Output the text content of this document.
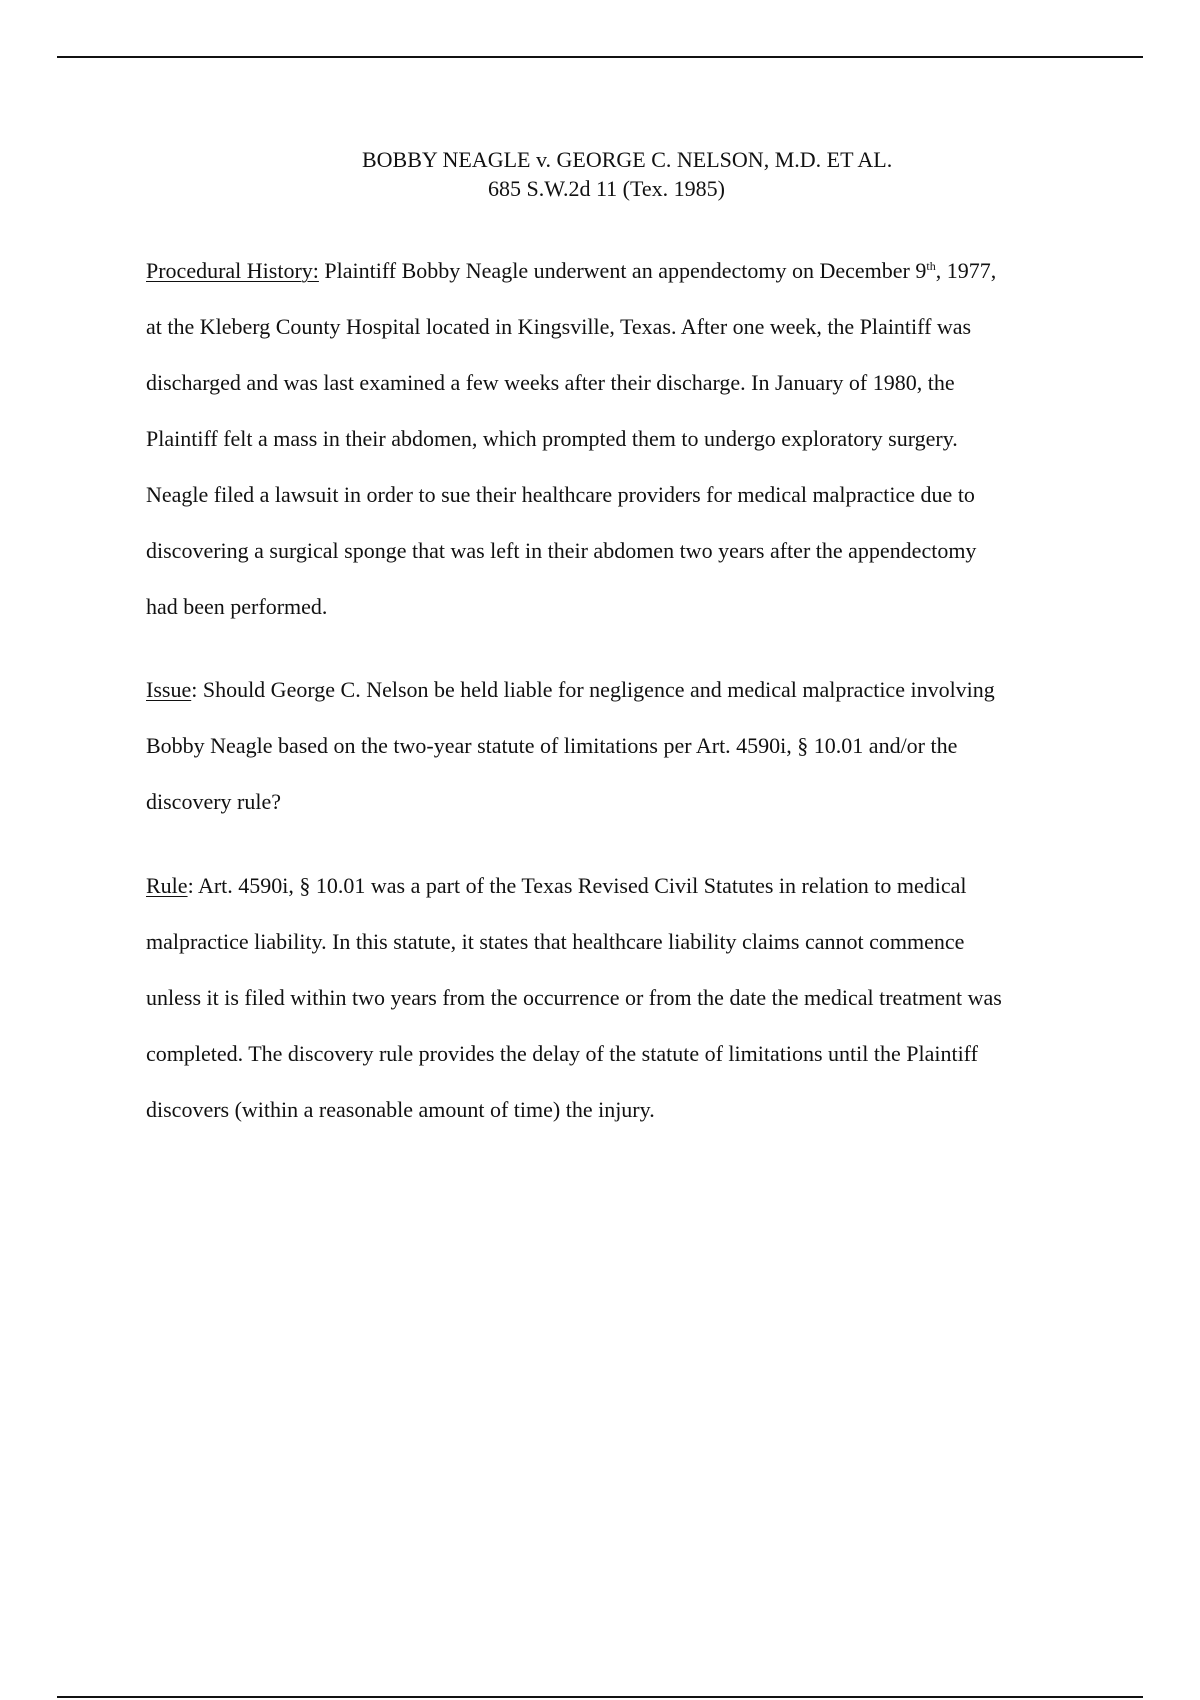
BOBBY NEAGLE v. GEORGE C. NELSON, M.D. ET AL.
685 S.W.2d 11 (Tex. 1985)

Procedural History: Plaintiff Bobby Neagle underwent an appendectomy on December 9th, 1977,
at the Kleberg County Hospital located in Kingsville, Texas. After one week, the Plaintiff was
discharged and was last examined a few weeks after their discharge. In January of 1980, the
Plaintiff felt a mass in their abdomen, which prompted them to undergo exploratory surgery.
Neagle filed a lawsuit in order to sue their healthcare providers for medical malpractice due to
discovering a surgical sponge that was left in their abdomen two years after the appendectomy
had been performed.

Issue: Should George C. Nelson be held liable for negligence and medical malpractice involving
Bobby Neagle based on the two-year statute of limitations per Art. 4590i, § 10.01 and/or the
discovery rule?

Rule: Art. 4590i, § 10.01 was a part of the Texas Revised Civil Statutes in relation to medical
malpractice liability. In this statute, it states that healthcare liability claims cannot commence
unless it is filed within two years from the occurrence or from the date the medical treatment was
completed. The discovery rule provides the delay of the statute of limitations until the Plaintiff
discovers (within a reasonable amount of time) the injury.
